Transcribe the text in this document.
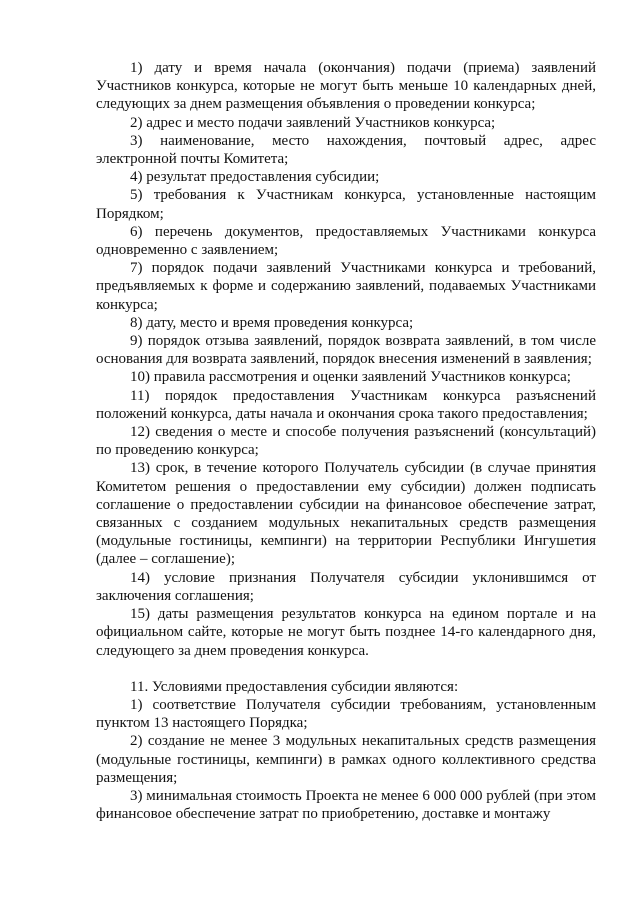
1) дату и время начала (окончания) подачи (приема) заявлений Участников конкурса, которые не могут быть меньше 10 календарных дней, следующих за днем размещения объявления о проведении конкурса;

2) адрес и место подачи заявлений Участников конкурса;

3) наименование, место нахождения, почтовый адрес, адрес электронной почты Комитета;

4) результат предоставления субсидии;

5) требования к Участникам конкурса, установленные настоящим Порядком;

6) перечень документов, предоставляемых Участниками конкурса одновременно с заявлением;

7) порядок подачи заявлений Участниками конкурса и требований, предъявляемых к форме и содержанию заявлений, подаваемых Участниками конкурса;

8) дату, место и время проведения конкурса;

9) порядок отзыва заявлений, порядок возврата заявлений, в том числе основания для возврата заявлений, порядок внесения изменений в заявления;

10) правила рассмотрения и оценки заявлений Участников конкурса;

11) порядок предоставления Участникам конкурса разъяснений положений конкурса, даты начала и окончания срока такого предоставления;

12) сведения о месте и способе получения разъяснений (консультаций) по проведению конкурса;

13) срок, в течение которого Получатель субсидии (в случае принятия Комитетом решения о предоставлении ему субсидии) должен подписать соглашение о предоставлении субсидии на финансовое обеспечение затрат, связанных с созданием модульных некапитальных средств размещения (модульные гостиницы, кемпинги) на территории Республики Ингушетия (далее – соглашение);

14) условие признания Получателя субсидии уклонившимся от заключения соглашения;

15) даты размещения результатов конкурса на едином портале и на официальном сайте, которые не могут быть позднее 14-го календарного дня, следующего за днем проведения конкурса.

11. Условиями предоставления субсидии являются:

1) соответствие Получателя субсидии требованиям, установленным пунктом 13 настоящего Порядка;

2) создание не менее 3 модульных некапитальных средств размещения (модульные гостиницы, кемпинги) в рамках одного коллективного средства размещения;

3) минимальная стоимость Проекта не менее 6 000 000 рублей (при этом финансовое обеспечение затрат по приобретению, доставке и монтажу
